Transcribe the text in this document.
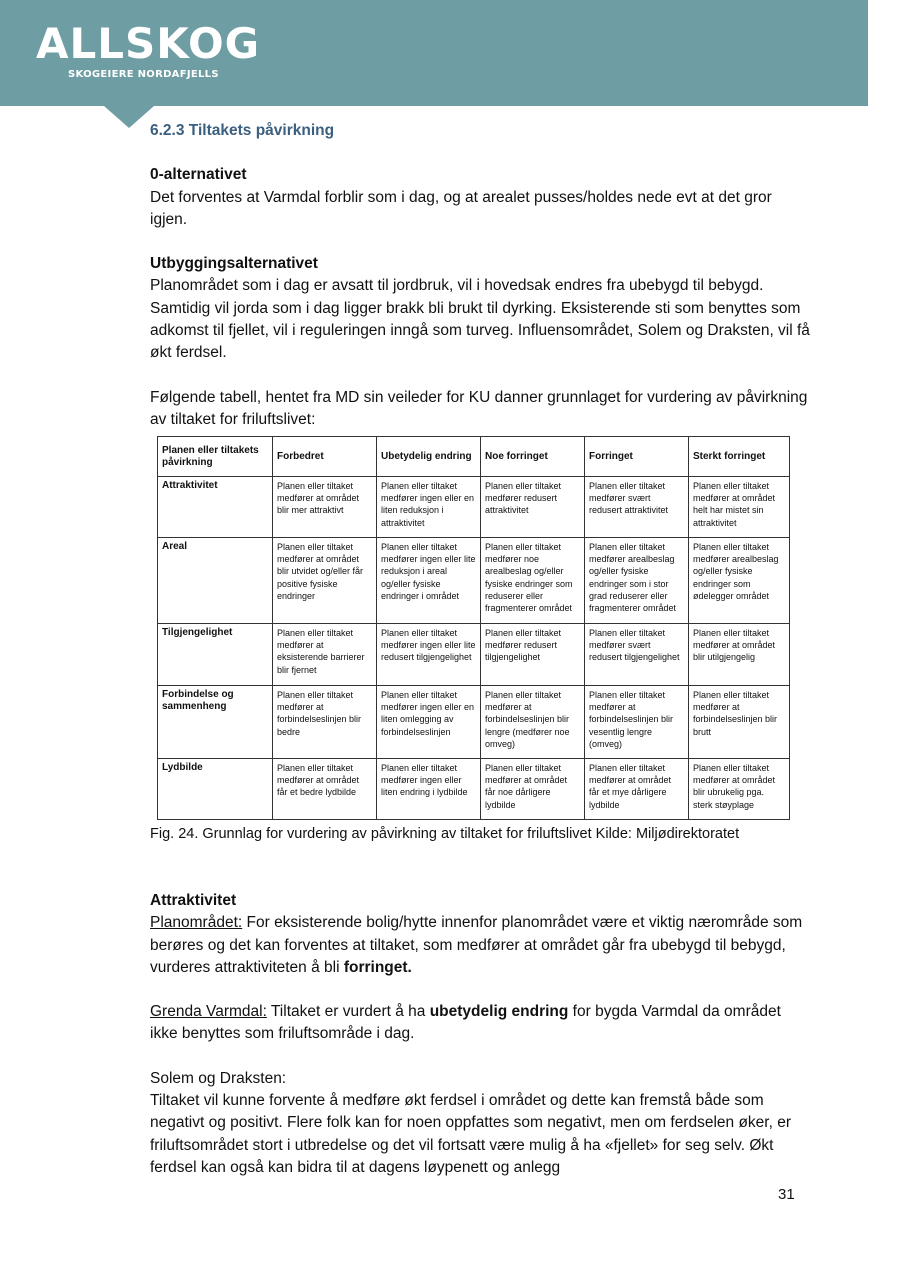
ALLSKOG
SKOGEIERE NORDAFJELLS
6.2.3 Tiltakets påvirkning

0-alternativet

Det forventes at Varmdal forblir som i dag, og at arealet pusses/holdes nede evt at det gror igjen.

Utbyggingsalternativet

Planområdet som i dag er avsatt til jordbruk, vil i hovedsak endres fra ubebygd til bebygd. Samtidig vil jorda som i dag ligger brakk bli brukt til dyrking. Eksisterende sti som benyttes som adkomst til fjellet, vil i reguleringen inngå som turveg. Influensområdet, Solem og Draksten, vil få økt ferdsel.

Følgende tabell, hentet fra MD sin veileder for KU danner grunnlaget for vurdering av påvirkning av tiltaket for friluftslivet:

Planen eller tiltakets påvirkning	Forbedret	Ubetydelig endring	Noe forringet	Forringet	Sterkt forringet
Attraktivitet	Planen eller tiltaket medfører at området blir mer attraktivt	Planen eller tiltaket medfører ingen eller en liten reduksjon i attraktivitet	Planen eller tiltaket medfører redusert attraktivitet	Planen eller tiltaket medfører svært redusert attraktivitet	Planen eller tiltaket medfører at området helt har mistet sin attraktivitet
Areal	Planen eller tiltaket medfører at området blir utvidet og/eller får positive fysiske endringer	Planen eller tiltaket medfører ingen eller lite reduksjon i areal og/eller fysiske endringer i området	Planen eller tiltaket medfører noe arealbeslag og/eller fysiske endringer som reduserer eller fragmenterer området	Planen eller tiltaket medfører arealbeslag og/eller fysiske endringer som i stor grad reduserer eller fragmenterer området	Planen eller tiltaket medfører arealbeslag og/eller fysiske endringer som ødelegger området
Tilgjengelighet	Planen eller tiltaket medfører at eksisterende barrierer blir fjernet	Planen eller tiltaket medfører ingen eller lite redusert tilgjengelighet	Planen eller tiltaket medfører redusert tilgjengelighet	Planen eller tiltaket medfører svært redusert tilgjengelighet	Planen eller tiltaket medfører at området blir utilgjengelig
Forbindelse og sammenheng	Planen eller tiltaket medfører at forbindelseslinjen blir bedre	Planen eller tiltaket medfører ingen eller en liten omlegging av forbindelseslinjen	Planen eller tiltaket medfører at forbindelseslinjen blir lengre (medfører noe omveg)	Planen eller tiltaket medfører at forbindelseslinjen blir vesentlig lengre (omveg)	Planen eller tiltaket medfører at forbindelseslinjen blir brutt
Lydbilde	Planen eller tiltaket medfører at området får et bedre lydbilde	Planen eller tiltaket medfører ingen eller liten endring i lydbilde	Planen eller tiltaket medfører at området får noe dårligere lydbilde	Planen eller tiltaket medfører at området får et mye dårligere lydbilde	Planen eller tiltaket medfører at området blir ubrukelig pga. sterk støyplage
Fig. 24. Grunnlag for vurdering av påvirkning av tiltaket for friluftslivet Kilde: Miljødirektoratet

Attraktivitet

Planområdet: For eksisterende bolig/hytte innenfor planområdet være et viktig nærområde som berøres og det kan forventes at tiltaket, som medfører at området går fra ubebygd til bebygd, vurderes attraktiviteten å bli forringet.

Grenda Varmdal: Tiltaket er vurdert å ha ubetydelig endring for bygda Varmdal da området ikke benyttes som friluftsområde i dag.

Solem og Draksten:

Tiltaket vil kunne forvente å medføre økt ferdsel i området og dette kan fremstå både som negativt og positivt. Flere folk kan for noen oppfattes som negativt, men om ferdselen øker, er friluftsområdet stort i utbredelse og det vil fortsatt være mulig å ha «fjellet» for seg selv. Økt ferdsel kan også kan bidra til at dagens løypenett og anlegg

31
